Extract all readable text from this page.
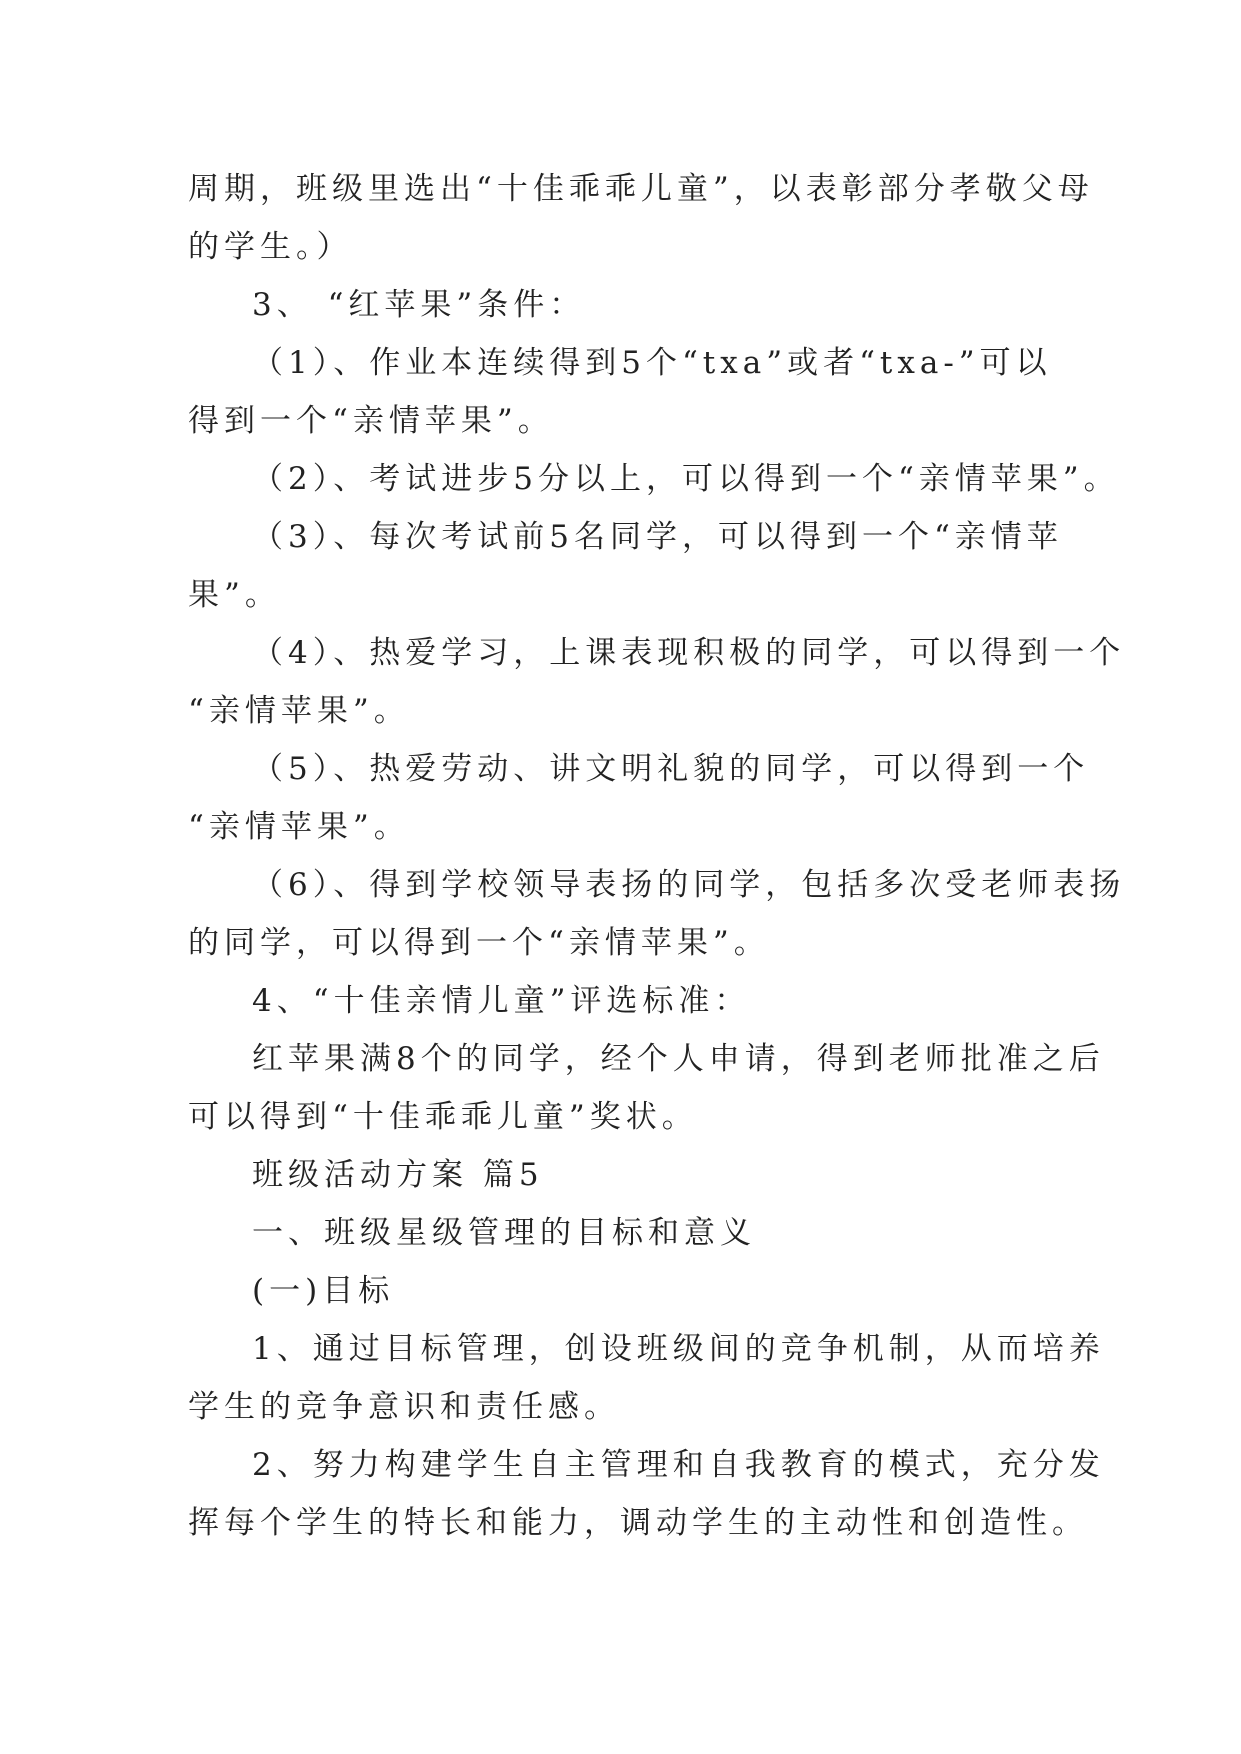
周期，班级里选出“十佳乖乖儿童”，以表彰部分孝敬父母
的学生。）
3、 “红苹果”条件：
（1）、作业本连续得到5个“txa”或者“txa-”可以
得到一个“亲情苹果”。
（2）、考试进步5分以上，可以得到一个“亲情苹果”。
（3）、每次考试前5名同学，可以得到一个“亲情苹
果”。
（4）、热爱学习，上课表现积极的同学，可以得到一个
“亲情苹果”。
（5）、热爱劳动、讲文明礼貌的同学，可以得到一个
“亲情苹果”。
（6）、得到学校领导表扬的同学，包括多次受老师表扬
的同学，可以得到一个“亲情苹果”。
4、“十佳亲情儿童”评选标准：
红苹果满8个的同学，经个人申请，得到老师批准之后
可以得到“十佳乖乖儿童”奖状。
班级活动方案 篇5
一、班级星级管理的目标和意义
(一)目标
1、通过目标管理，创设班级间的竞争机制，从而培养
学生的竞争意识和责任感。
2、努力构建学生自主管理和自我教育的模式，充分发
挥每个学生的特长和能力，调动学生的主动性和创造性。
